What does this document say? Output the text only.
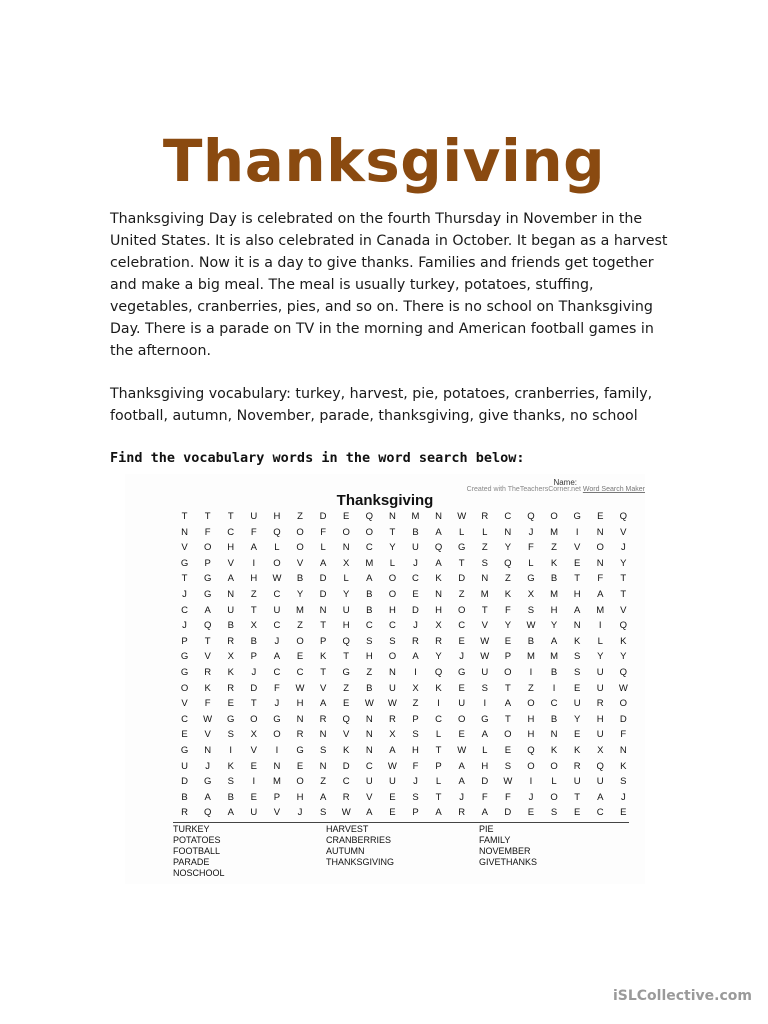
Thanksgiving
Thanksgiving Day is celebrated on the fourth Thursday in November in the United States. It is also celebrated in Canada in October. It began as a harvest celebration. Now it is a day to give thanks. Families and friends get together and make a big meal. The meal is usually turkey, potatoes, stuffing, vegetables, cranberries, pies, and so on. There is no school on Thanksgiving Day. There is a parade on TV in the morning and American football games in the afternoon.
Thanksgiving vocabulary: turkey, harvest, pie, potatoes, cranberries, family, football, autumn, November, parade, thanksgiving, give thanks, no school
Find the vocabulary words in the word search below:
Name:
Created with TheTeachersCorner.net Word Search Maker
Thanksgiving
T	T	T	U	H	Z	D	E	Q	N	M	N	W	R	C	Q	O	G	E	Q
N	F	C	F	Q	O	F	O	O	T	B	A	L	L	N	J	M	I	N	V
V	O	H	A	L	O	L	N	C	Y	U	Q	G	Z	Y	F	Z	V	O	J
G	P	V	I	O	V	A	X	M	L	J	A	T	S	Q	L	K	E	N	Y
T	G	A	H	W	B	D	L	A	O	C	K	D	N	Z	G	B	T	F	T
J	G	N	Z	C	Y	D	Y	B	O	E	N	Z	M	K	X	M	H	A	T
C	A	U	T	U	M	N	U	B	H	D	H	O	T	F	S	H	A	M	V
J	Q	B	X	C	Z	T	H	C	C	J	X	C	V	Y	W	Y	N	I	Q
P	T	R	B	J	O	P	Q	S	S	R	R	E	W	E	B	A	K	L	K
G	V	X	P	A	E	K	T	H	O	A	Y	J	W	P	M	M	S	Y	Y
G	R	K	J	C	C	T	G	Z	N	I	Q	G	U	O	I	B	S	U	Q
O	K	R	D	F	W	V	Z	B	U	X	K	E	S	T	Z	I	E	U	W
V	F	E	T	J	H	A	E	W	W	Z	I	U	I	A	O	C	U	R	O
C	W	G	O	G	N	R	Q	N	R	P	C	O	G	T	H	B	Y	H	D
E	V	S	X	O	R	N	V	N	X	S	L	E	A	O	H	N	E	U	F
G	N	I	V	I	G	S	K	N	A	H	T	W	L	E	Q	K	K	X	N
U	J	K	E	N	E	N	D	C	W	F	P	A	H	S	O	O	R	Q	K
D	G	S	I	M	O	Z	C	U	U	J	L	A	D	W	I	L	U	U	S
B	A	B	E	P	H	A	R	V	E	S	T	J	F	F	J	O	T	A	J
R	Q	A	U	V	J	S	W	A	E	P	A	R	A	D	E	S	E	C	E
TURKEY	HARVEST	PIE
POTATOES	CRANBERRIES	FAMILY
FOOTBALL	AUTUMN	NOVEMBER
PARADE	THANKSGIVING	GIVETHANKS
NOSCHOOL
iSLCollective.com
